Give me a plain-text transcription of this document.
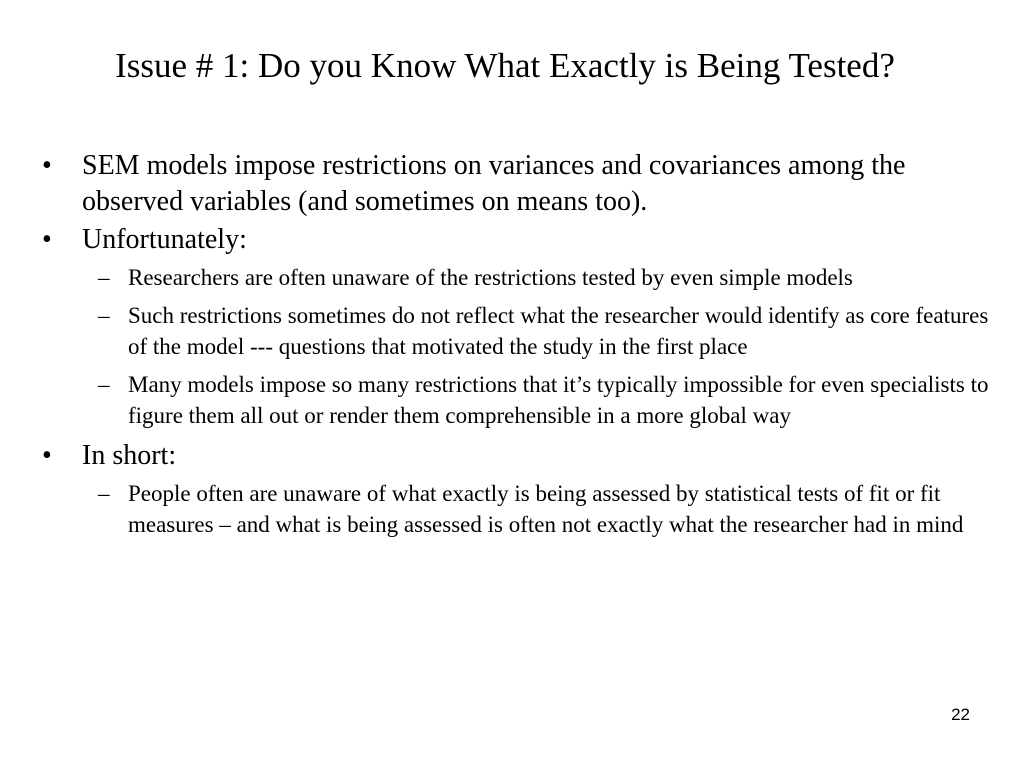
Issue # 1: Do you Know What Exactly is Being Tested?
• SEM models impose restrictions on variances and covariances among the observed variables (and sometimes on means too).
• Unfortunately:
– Researchers are often unaware of the restrictions tested by even simple models
– Such restrictions sometimes do not reflect what the researcher would identify as core features of the model --- questions that motivated the study in the first place
– Many models impose so many restrictions that it’s typically impossible for even specialists to figure them all out or render them comprehensible in a more global way
• In short:
– People often are unaware of what exactly is being assessed by statistical tests of fit or fit measures – and what is being assessed is often not exactly what the researcher had in mind
22
